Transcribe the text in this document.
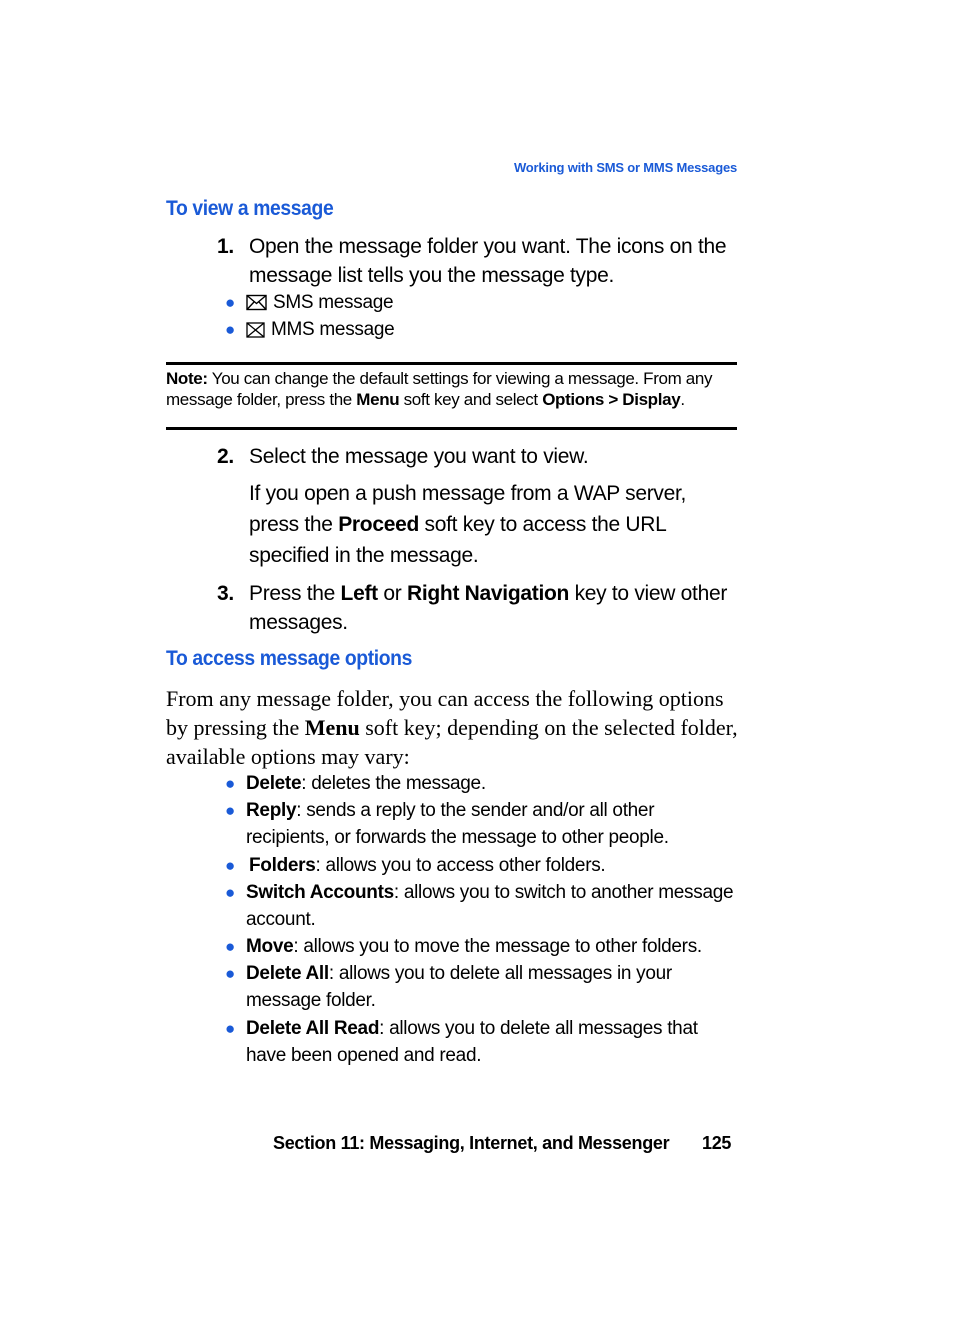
Working with SMS or MMS Messages
To view a message
1. Open the message folder you want. The icons on the message list tells you the message type.
●	SMS message
●	MMS message
Note: You can change the default settings for viewing a message. From any message folder, press the Menu soft key and select Options > Display.
2. Select the message you want to view.
If you open a push message from a WAP server, press the Proceed soft key to access the URL specified in the message.
3. Press the Left or Right Navigation key to view other messages.
To access message options
From any message folder, you can access the following options by pressing the Menu soft key; depending on the selected folder, available options may vary:
● Delete: deletes the message.
● Reply: sends a reply to the sender and/or all other recipients, or forwards the message to other people.
● Folders: allows you to access other folders.
● Switch Accounts: allows you to switch to another message account.
● Move: allows you to move the message to other folders.
● Delete All: allows you to delete all messages in your message folder.
● Delete All Read: allows you to delete all messages that have been opened and read.
Section 11: Messaging, Internet, and Messenger 125
